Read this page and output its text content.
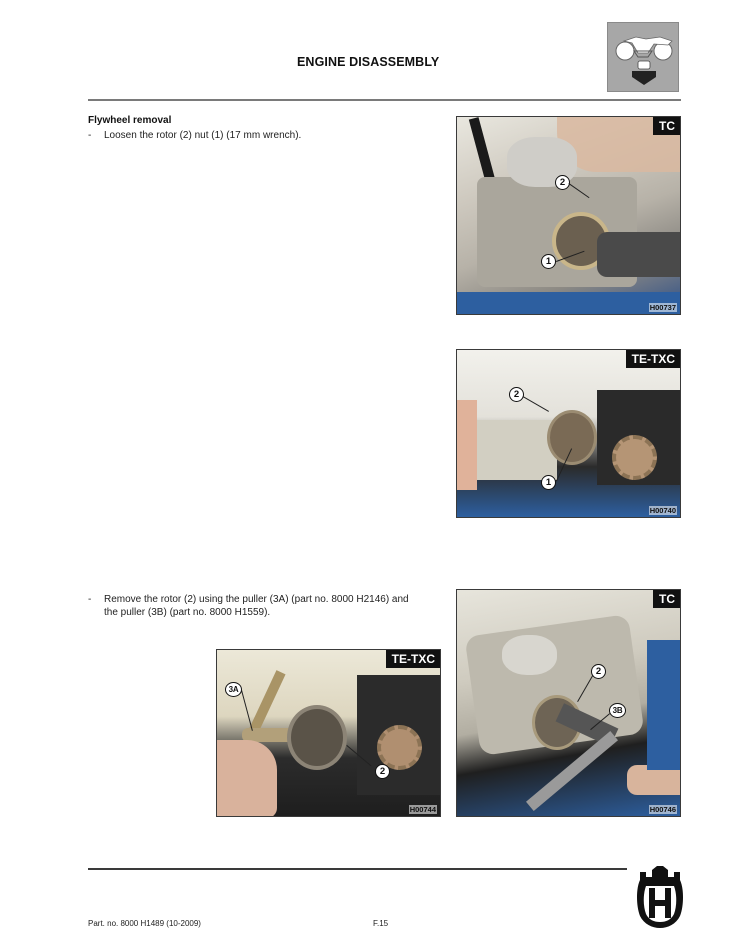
ENGINE DISASSEMBLY
Flywheel removal
- Loosen the rotor (2) nut (1) (17 mm wrench).
- Remove the rotor (2) using the puller (3A) (part no. 8000 H2146) and the puller (3B) (part no. 8000 H1559).
2
1
TC
H00737
2
1
TE-TXC
H00740
2
3B
TC
H00746
3A
2
TE-TXC
H00744
Part. no. 8000 H1489 (10-2009)	F.15
